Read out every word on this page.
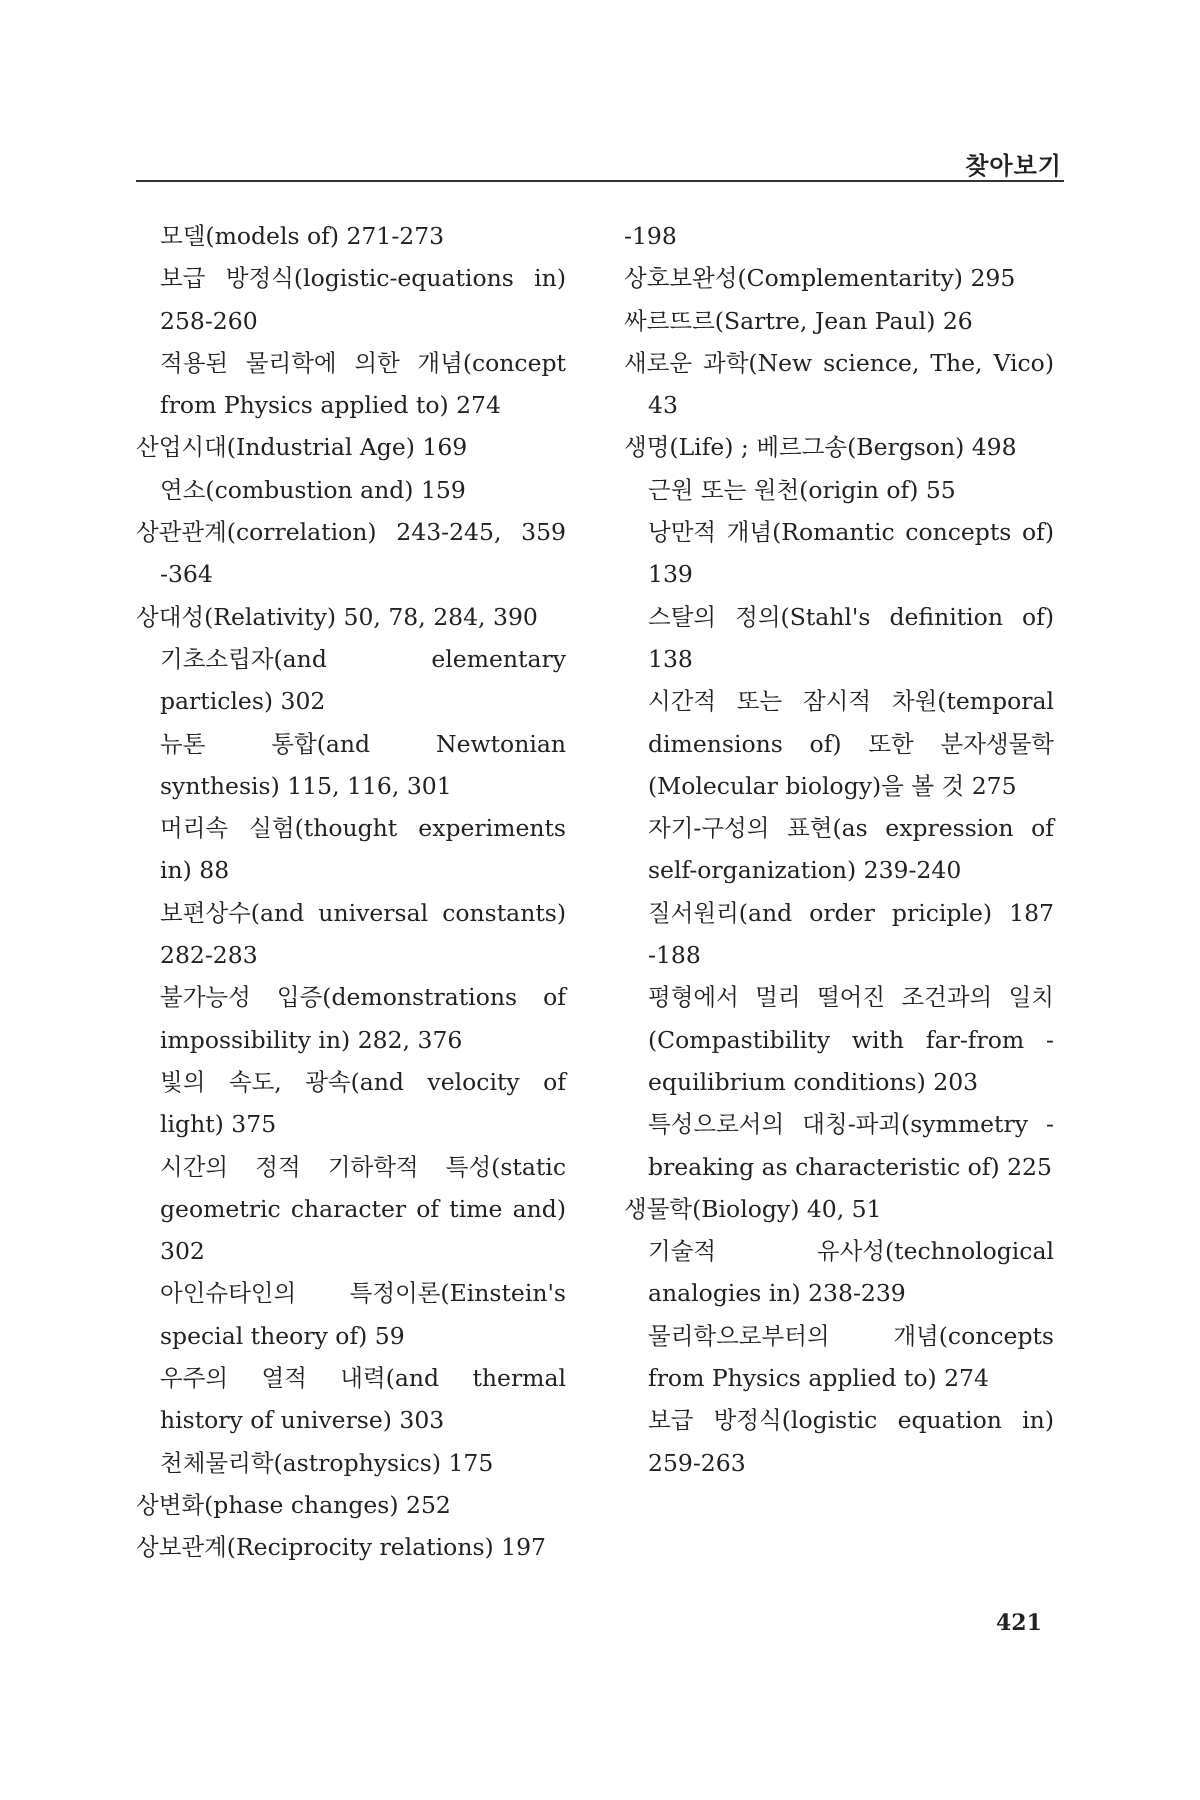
찾아보기

모델(models of) 271-273

보급 방정식(logistic-equations in) 258-260

적용된 물리학에 의한 개념(concept from Physics applied to) 274

산업시대(Industrial Age) 169

연소(combustion and) 159

상관관계(correlation) 243-245, 359 -364

상대성(Relativity) 50, 78, 284, 390

기초소립자(and elementary particles) 302

뉴톤 통합(and Newtonian synthesis) 115, 116, 301

머리속 실험(thought experiments in) 88

보편상수(and universal constants) 282-283

불가능성 입증(demonstrations of impossibility in) 282, 376

빛의 속도, 광속(and velocity of light) 375

시간의 정적 기하학적 특성(static geometric character of time and) 302

아인슈타인의 특정이론(Einstein's special theory of) 59

우주의 열적 내력(and thermal history of universe) 303

천체물리학(astrophysics) 175

상변화(phase changes) 252

상보관계(Reciprocity relations) 197

-198

상호보완성(Complementarity) 295

싸르뜨르(Sartre, Jean Paul) 26

새로운 과학(New science, The, Vico) 43

생명(Life) ; 베르그송(Bergson) 498

근원 또는 원천(origin of) 55

낭만적 개념(Romantic concepts of) 139

스탈의 정의(Stahl's definition of) 138

시간적 또는 잠시적 차원(temporal dimensions of) 또한 분자생물학 (Molecular biology)을 볼 것 275

자기-구성의 표현(as expression of self-organization) 239-240

질서원리(and order priciple) 187 -188

평형에서 멀리 떨어진 조건과의 일치 (Compastibility with far-from -equilibrium conditions) 203

특성으로서의 대칭-파괴(symmetry -breaking as characteristic of) 225

생물학(Biology) 40, 51

기술적 유사성(technological analogies in) 238-239

물리학으로부터의 개념(concepts from Physics applied to) 274

보급 방정식(logistic equation in) 259-263

421
